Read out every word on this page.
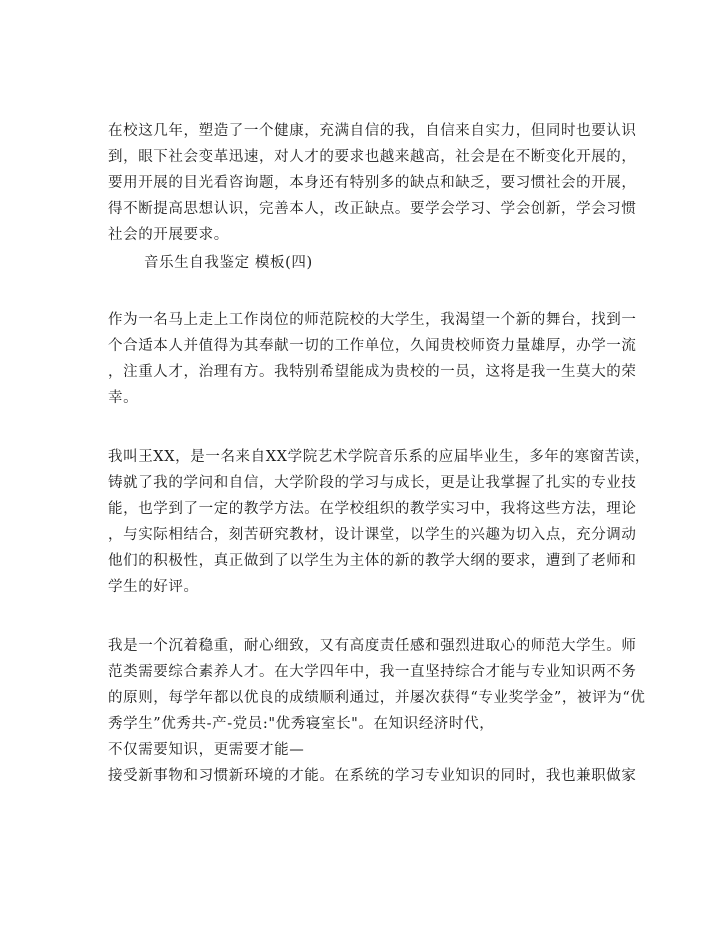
在校这几年，塑造了一个健康，充满自信的我，自信来自实力，但同时也要认识
到，眼下社会变革迅速，对人才的要求也越来越高，社会是在不断变化开展的，
要用开展的目光看咨询题，本身还有特别多的缺点和缺乏，要习惯社会的开展，
得不断提高思想认识，完善本人，改正缺点。要学会学习、学会创新，学会习惯
社会的开展要求。
音乐生自我鉴定 模板(四)
作为一名马上走上工作岗位的师范院校的大学生，我渴望一个新的舞台，找到一
个合适本人并值得为其奉献一切的工作单位，久闻贵校师资力量雄厚，办学一流
，注重人才，治理有方。我特别希望能成为贵校的一员，这将是我一生莫大的荣
幸。
我叫王XX，是一名来自XX学院艺术学院音乐系的应届毕业生，多年的寒窗苦读，
铸就了我的学问和自信，大学阶段的学习与成长，更是让我掌握了扎实的专业技
能，也学到了一定的教学方法。在学校组织的教学实习中，我将这些方法，理论
，与实际相结合，刻苦研究教材，设计课堂，以学生的兴趣为切入点，充分调动
他们的积极性，真正做到了以学生为主体的新的教学大纲的要求，遭到了老师和
学生的好评。
我是一个沉着稳重，耐心细致，又有高度责任感和强烈进取心的师范大学生。师
范类需要综合素养人才。在大学四年中，我一直坚持综合才能与专业知识两不务
的原则，每学年都以优良的成绩顺利通过，并屡次获得“专业奖学金”，被评为“优
秀学生”优秀共-产-党员:"优秀寝室长"。在知识经济时代，
不仅需要知识，更需要才能—
接受新事物和习惯新环境的才能。在系统的学习专业知识的同时，我也兼职做家
